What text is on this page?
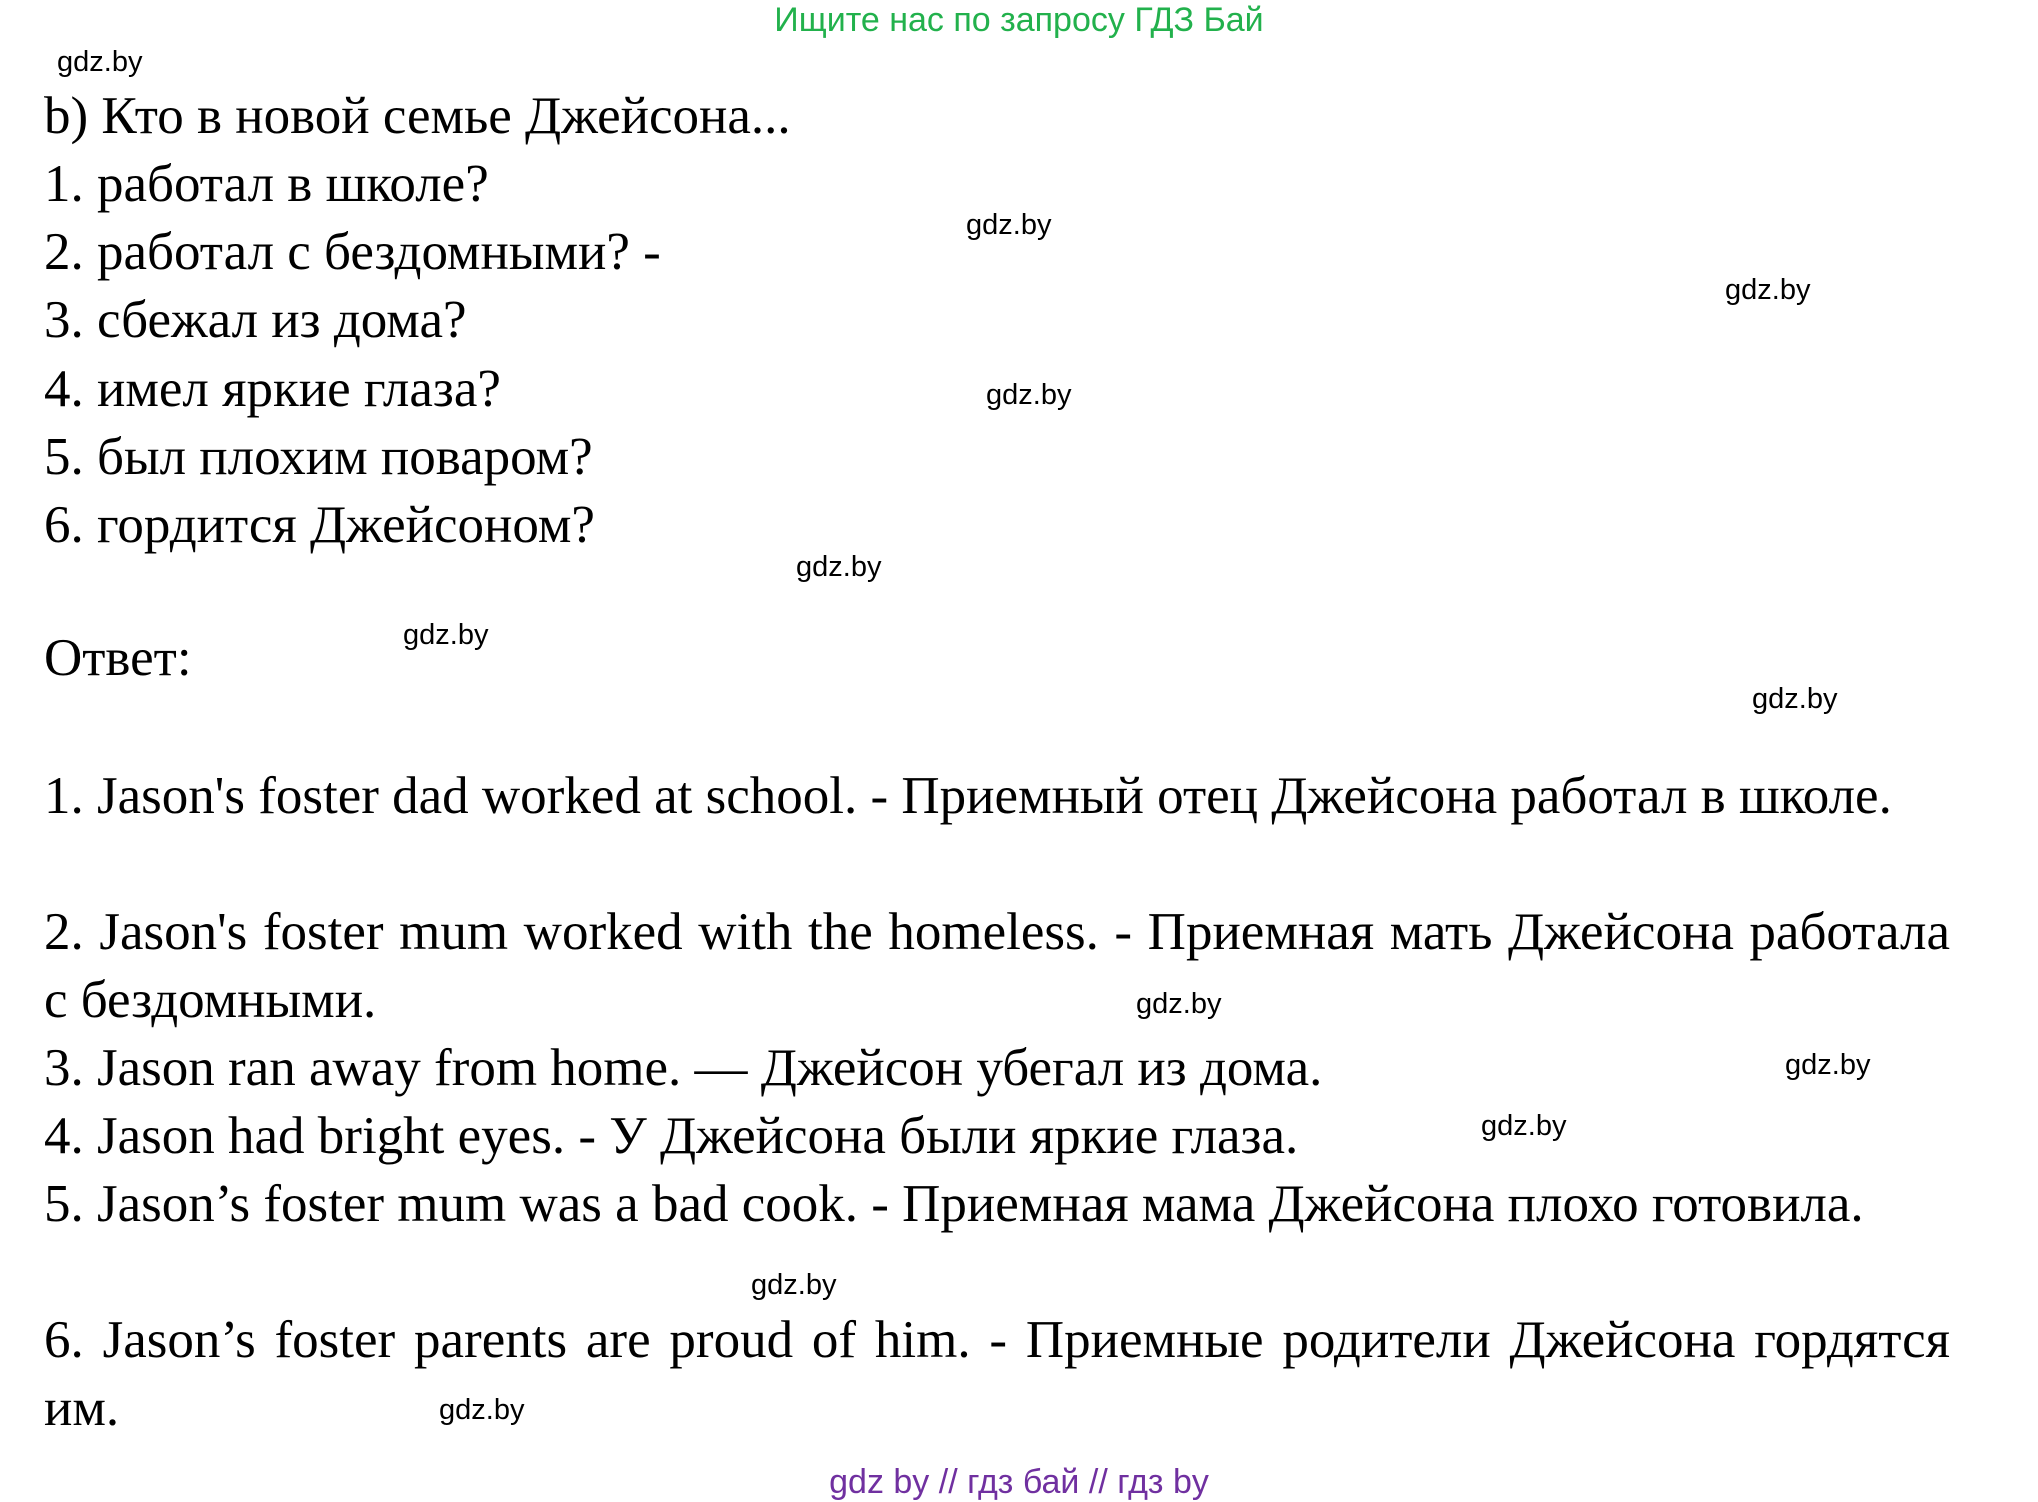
Ищите нас по запросу ГДЗ Бай
gdz.by
gdz.by
gdz.by
gdz.by
gdz.by
gdz.by
gdz.by
gdz.by
gdz.by
gdz.by
gdz.by
gdz.by
b) Кто в новой семье Джейсона...
1. работал в школе?
2. работал с бездомными? -
3. сбежал из дома?
4. имел яркие глаза?
5. был плохим поваром?
6. гордится Джейсоном?
Ответ:
1. Jason's foster dad worked at school. - Приемный отец Джейсона работал в школе.
2. Jason's foster mum worked with the homeless. - Приемная мать Джейсона работала с бездомными.
3. Jason ran away from home. — Джейсон убегал из дома.
4. Jason had bright eyes. - У Джейсона были яркие глаза.
5. Jason’s foster mum was a bad cook. - Приемная мама Джейсона плохо готовила.
6. Jason’s foster parents are proud of him. - Приемные родители Джейсона гордятся им.
gdz by // гдз бай // гдз by
